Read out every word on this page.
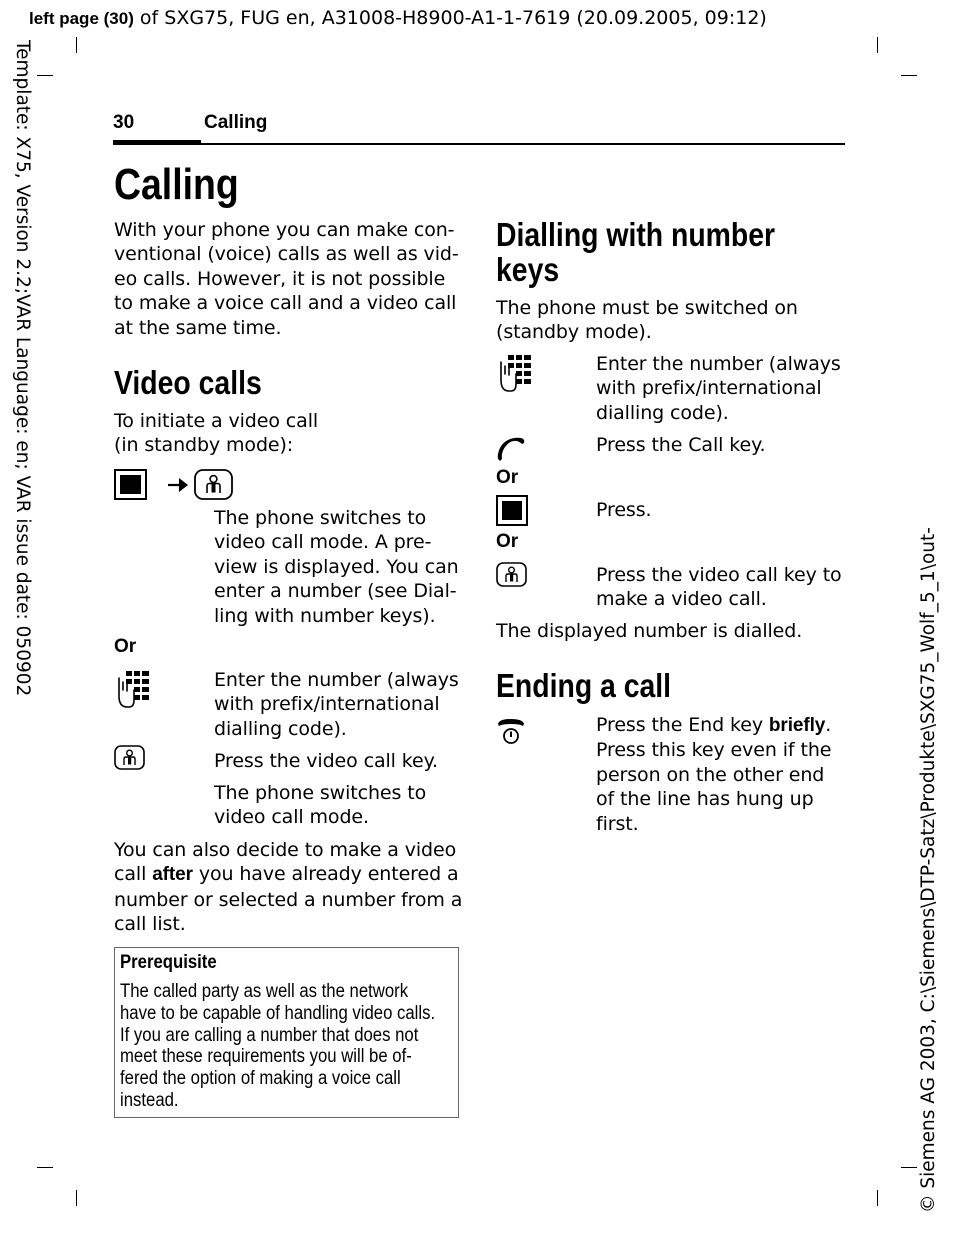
left page (30) of SXG75, FUG en, A31008-H8900-A1-1-7619 (20.09.2005, 09:12)
Template: X75, Version 2.2;VAR Language: en; VAR issue date: 050902
© Siemens AG 2003, C:\Siemens\DTP-Satz\Produkte\SXG75_Wolf_5_1\out-
30	Calling
Calling
With your phone you can make con-
ventional (voice) calls as well as vid-
eo calls. However, it is not possible
to make a voice call and a video call
at the same time.
Video calls
To initiate a video call
(in standby mode):
The phone switches to
video call mode. A pre-
view is displayed. You can
enter a number (see Dial-
ling with number keys).
Or
Enter the number (always
with prefix/international
dialling code).
Press the video call key.
The phone switches to
video call mode.
You can also decide to make a video
call after you have already entered a
number or selected a number from a
call list.
Prerequisite
The called party as well as the network
have to be capable of handling video calls.
If you are calling a number that does not
meet these requirements you will be of-
fered the option of making a voice call
instead.
Dialling with number
keys
The phone must be switched on
(standby mode).
Enter the number (always
with prefix/international
dialling code).
Press the Call key.
Or
Press.
Or
Press the video call key to
make a video call.
The displayed number is dialled.
Ending a call
Press the End key briefly.
Press this key even if the
person on the other end
of the line has hung up
first.
